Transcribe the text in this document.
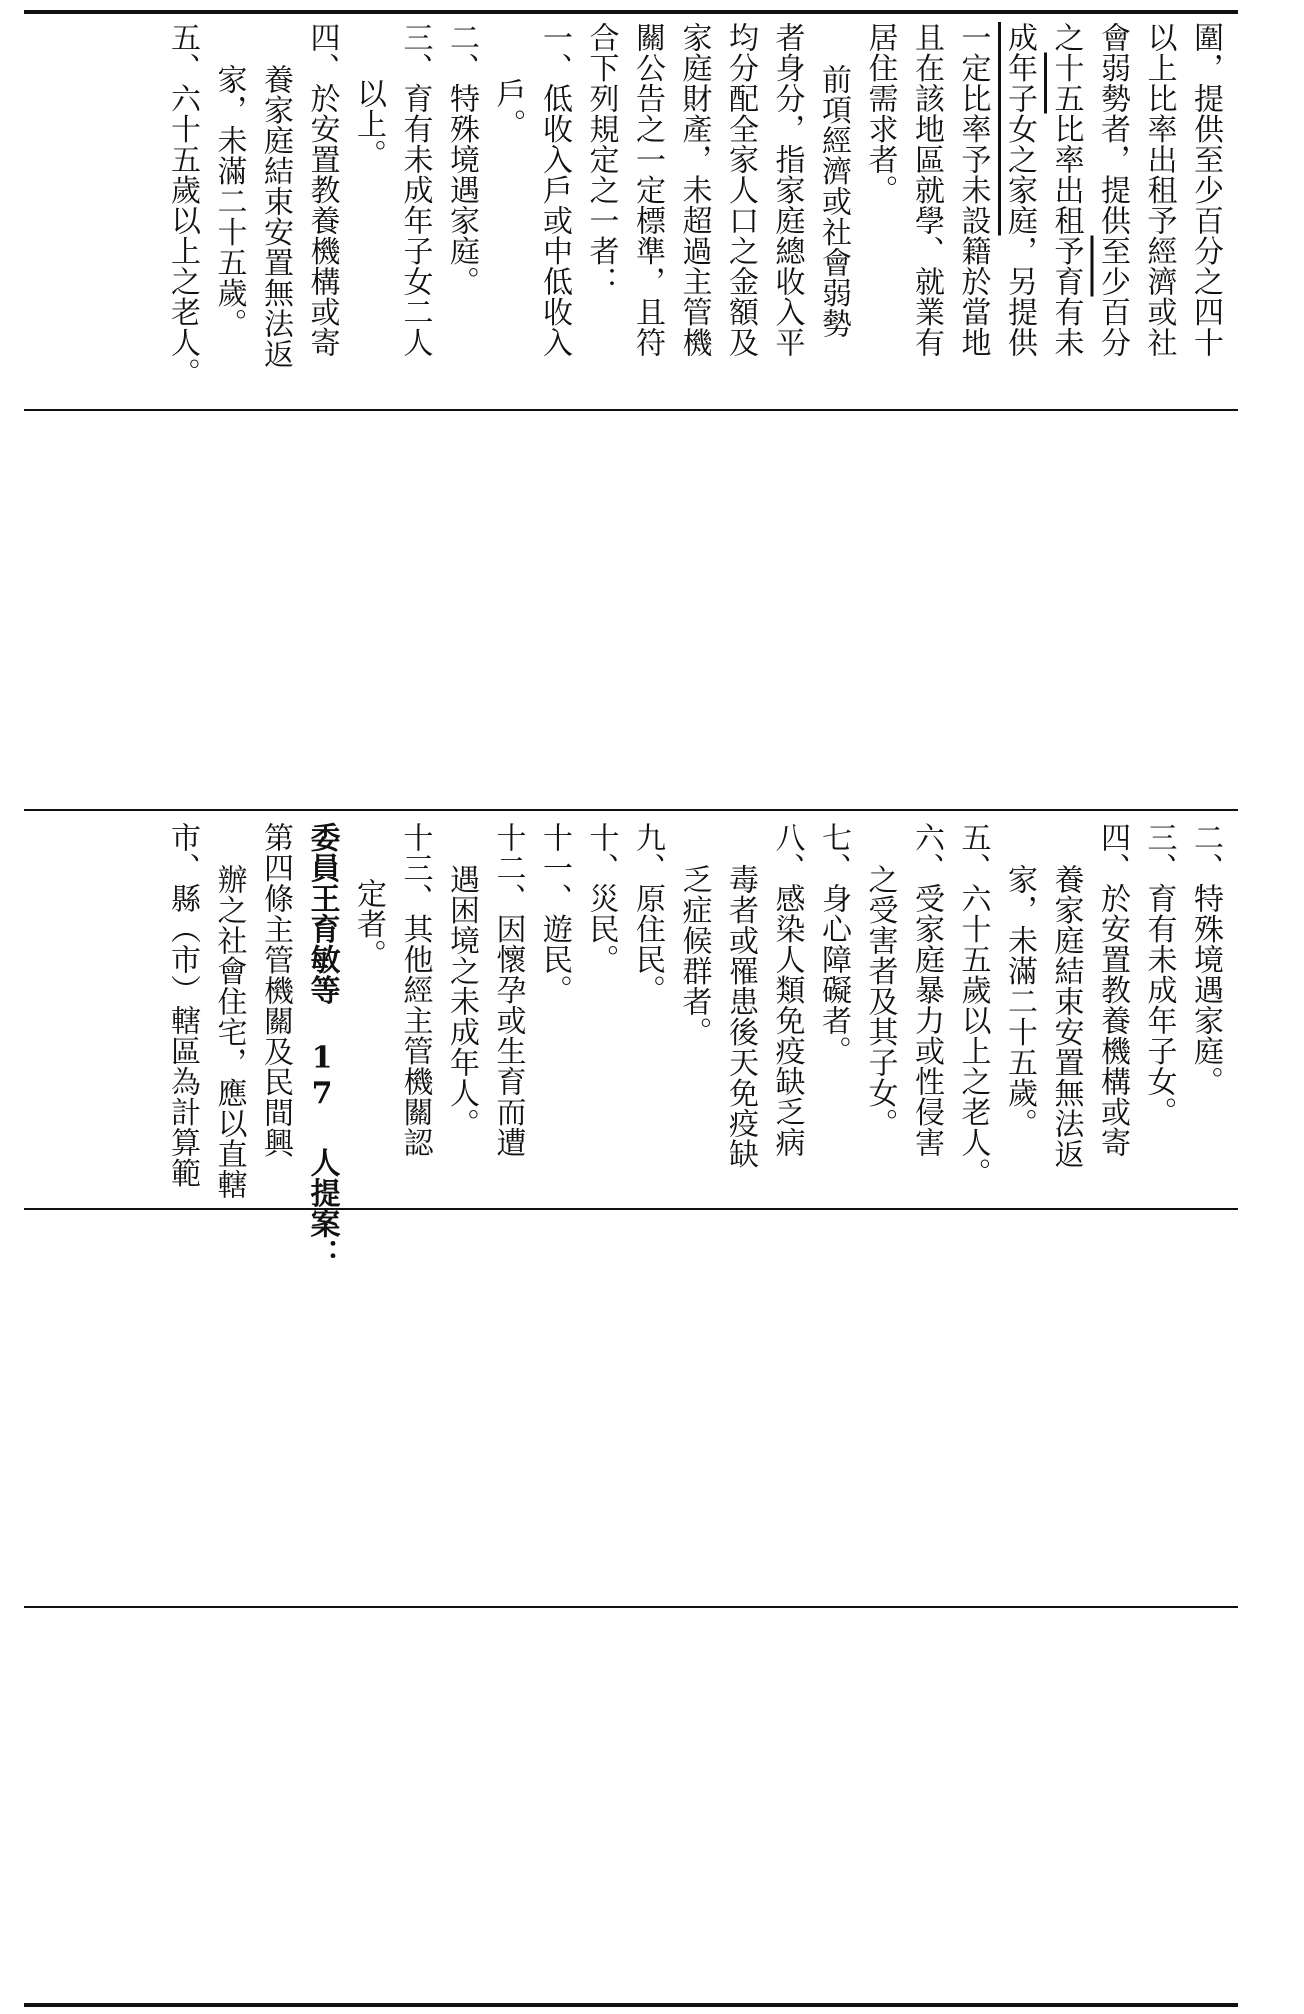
圍，提供至少百分之四十
以上比率出租予經濟或社
會弱勢者，提供至少百分
之十五比率出租予育有未
成年子女之家庭，另提供
一定比率予未設籍於當地
且在該地區就學、就業有
居住需求者。
前項經濟或社會弱勢
者身分，指家庭總收入平
均分配全家人口之金額及
家庭財產，未超過主管機
關公告之一定標準，且符
合下列規定之一者：
一、低收入戶或中低收入
戶。
二、特殊境遇家庭。
三、育有未成年子女二人
以上。
四、於安置教養機構或寄
養家庭結束安置無法返
家，未滿二十五歲。
五、六十五歲以上之老人。
二、特殊境遇家庭。
三、育有未成年子女。
四、於安置教養機構或寄
養家庭結束安置無法返
家，未滿二十五歲。
五、六十五歲以上之老人。
六、受家庭暴力或性侵害
之受害者及其子女。
七、身心障礙者。
八、感染人類免疫缺乏病
毒者或罹患後天免疫缺
乏症候群者。
九、原住民。
十、災民。
十一、遊民。
十二、因懷孕或生育而遭
遇困境之未成年人。
十三、其他經主管機關認
定者。
委員王育敏等 17 人提案：
第四條主管機關及民間興
辦之社會住宅，應以直轄
市、縣（市）轄區為計算範
